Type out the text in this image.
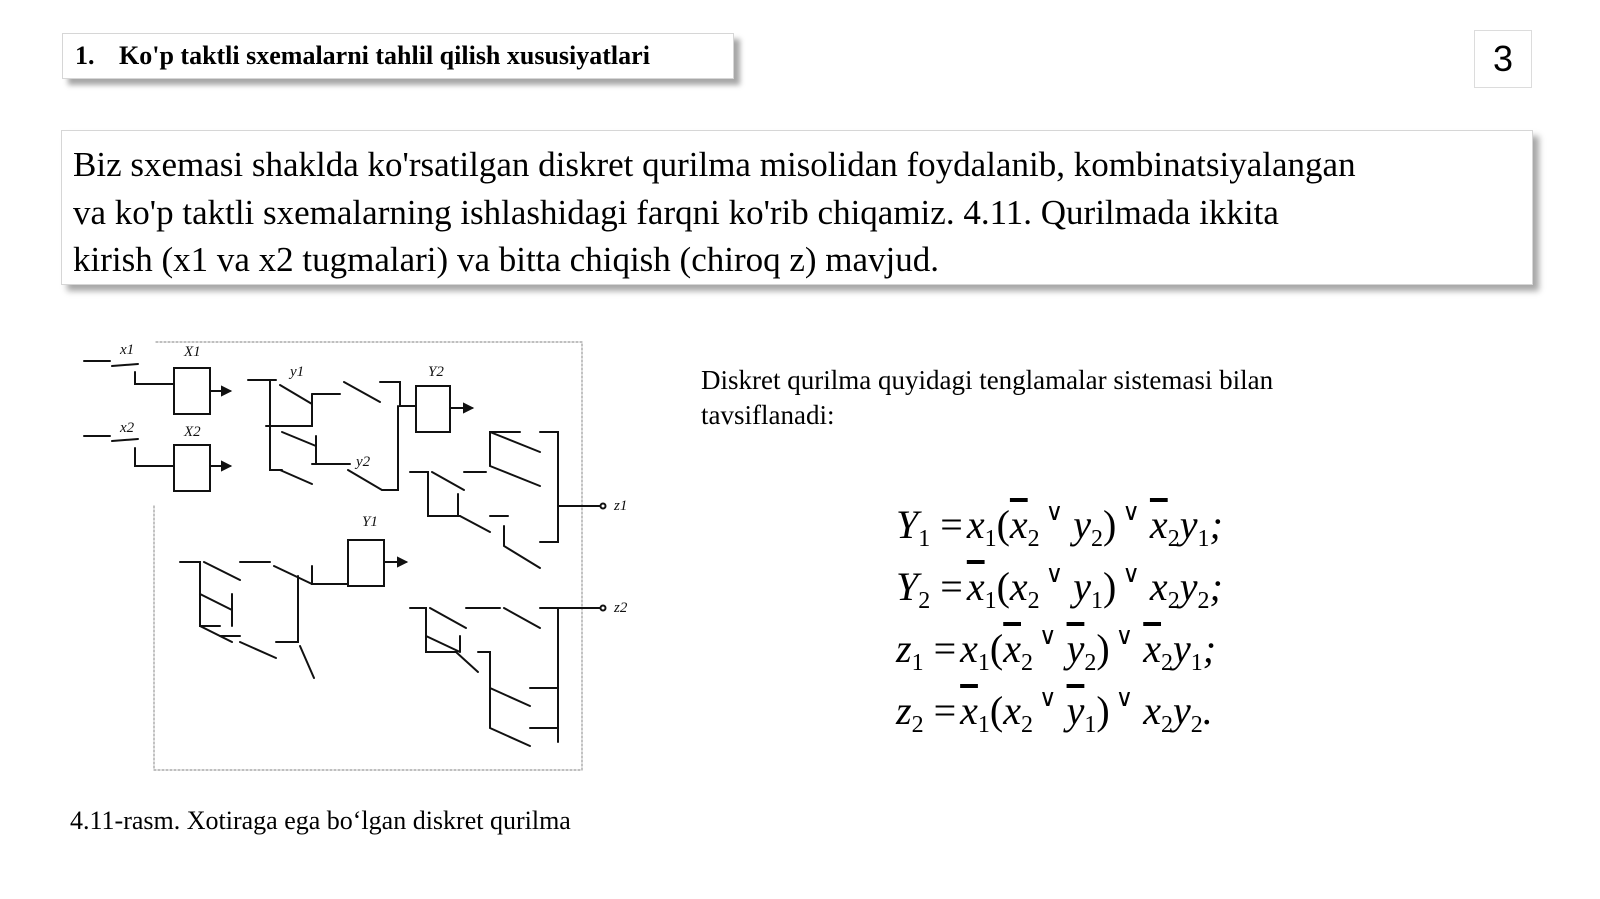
1. Ko'p taktli sxemalarni tahlil qilish xususiyatlari	3
Biz sxemasi shaklda ko'rsatilgan diskret qurilma misolidan foydalanib, kombinatsiyalangan
va ko'p taktli sxemalarning ishlashidagi farqni ko'rib chiqamiz. 4.11. Qurilmada ikkita
kirish (x1 va x2 tugmalari) va bitta chiqish (chiroq z) mavjud.
x1
x2
X1
X2
y1
y2
Y2
Y1
z1
z2
4.11-rasm. Xotiraga ega bo‘lgan diskret qurilma
Diskret qurilma quyidagi tenglamalar sistemasi bilan
tavsiflanadi:
$Y_1 = x_1(\overline{x}_2^\vee$ $y_2$) ∨ $\overline{x}_2y_1$;
$Y_2 = \overline{x}_1(x_2^\vee$ $y_1$) ∨ $x_2y_2$;
$z_1 = x_1(\overline{x}_2^\vee$ $\overline{y}_2$) ∨ $\overline{x}_2y_1$;
$z_2 = \overline{x}_1(x_2^\vee$ $\overline{y}_1$) ∨ $x_2y_2$.
